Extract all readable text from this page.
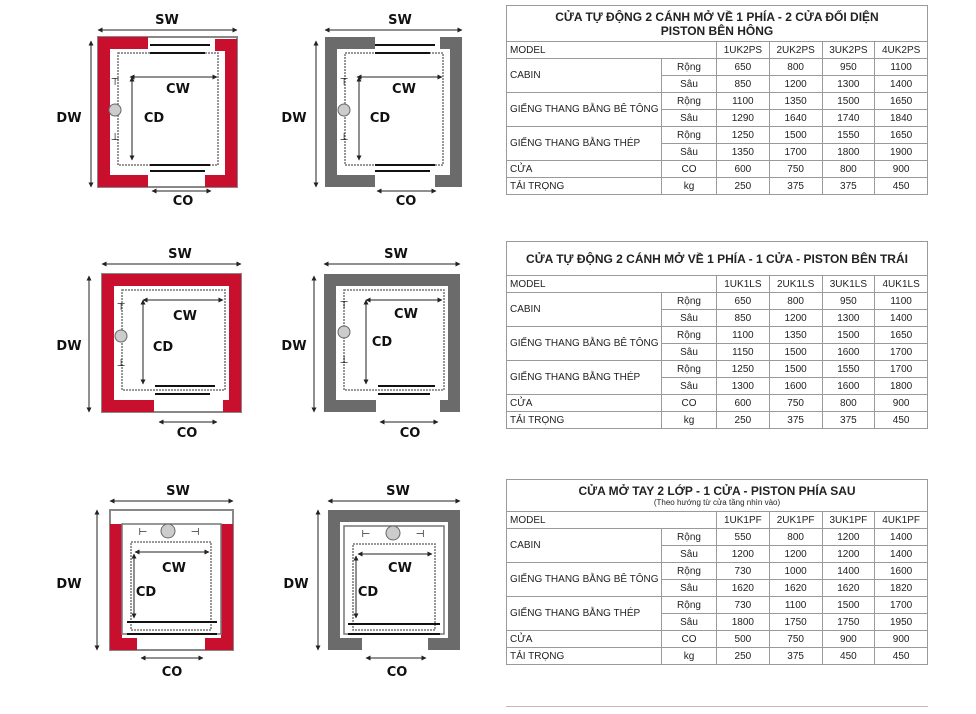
SW
DW
⊤
⊥
CW
CD
CO
SW
DW
⊤
⊥
CW
CD
CO
SW
DW
⊤
⊥
CW
CD
CO
SW
DW
⊤
⊥
CW
CD
CO
SW
DW
⊢	⊣
CW
CD
CO
SW
DW
⊢	⊣
CW
CD
CO
CỬA TỰ ĐỘNG 2 CÁNH MỞ VỀ 1 PHÍA - 2 CỬA ĐỐI DIỆN
PISTON BÊN HÔNG					
MODEL		1UK2PS	2UK2PS	3UK2PS	4UK2PS
CABIN	Rộng	650	800	950	1100
	Sâu	850	1200	1300	1400
GIẾNG THANG BẰNG BÊ TÔNG	Rộng	1100	1350	1500	1650
	Sâu	1290	1640	1740	1840
GIẾNG THANG BẰNG THÉP	Rộng	1250	1500	1550	1650
	Sâu	1350	1700	1800	1900
CỬA	CO	600	750	800	900
TẢI TRỌNG	kg	250	375	375	450
CỬA TỰ ĐỘNG 2 CÁNH MỞ VỀ 1 PHÍA - 1 CỬA - PISTON BÊN TRÁI					
MODEL		1UK1LS	2UK1LS	3UK1LS	4UK1LS
CABIN	Rộng	650	800	950	1100
	Sâu	850	1200	1300	1400
GIẾNG THANG BẰNG BÊ TÔNG	Rộng	1100	1350	1500	1650
	Sâu	1150	1500	1600	1700
GIẾNG THANG BẰNG THÉP	Rộng	1250	1500	1550	1700
	Sâu	1300	1600	1600	1800
CỬA	CO	600	750	800	900
TẢI TRỌNG	kg	250	375	375	450
CỬA MỞ TAY 2 LỚP - 1 CỬA - PISTON PHÍA SAU
(Theo hướng từ cửa tầng nhìn vào)					

MODEL		1UK1PF	2UK1PF	3UK1PF	4UK1PF
CABIN	Rộng	550	800	1200	1400
	Sâu	1200	1200	1200	1400
GIẾNG THANG BẰNG BÊ TÔNG	Rộng	730	1000	1400	1600
	Sâu	1620	1620	1620	1820
GIẾNG THANG BẰNG THÉP	Rộng	730	1100	1500	1700
	Sâu	1800	1750	1750	1950
CỬA	CO	500	750	900	900
TẢI TRỌNG	kg	250	375	450	450
